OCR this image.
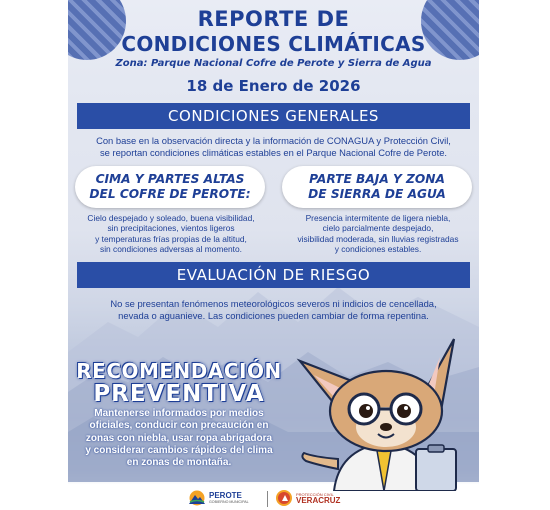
REPORTE DE
CONDICIONES CLIMÁTICAS
Zona: Parque Nacional Cofre de Perote y Sierra de Agua
18 de Enero de 2026
CONDICIONES GENERALES
Con base en la observación directa y la información de CONAGUA y Protección Civil,
se reportan condiciones climáticas estables en el Parque Nacional Cofre de Perote.
CIMA Y PARTES ALTAS
DEL COFRE DE PEROTE:
PARTE BAJA Y ZONA
DE SIERRA DE AGUA
Cielo despejado y soleado, buena visibilidad,
sin precipitaciones, vientos ligeros
y temperaturas frías propias de la altitud,
sin condiciones adversas al momento.
Presencia intermitente de ligera niebla,
cielo parcialmente despejado,
visibilidad moderada, sin lluvias registradas
y condiciones estables.
EVALUACIÓN DE RIESGO
No se presentan fenómenos meteorológicos severos ni indicios de cencellada,
nevada o aguanieve. Las condiciones pueden cambiar de forma repentina.
RECOMENDACIÓN
PREVENTIVA
Mantenerse informados por medios
oficiales, conducir con precaución en
zonas con niebla, usar ropa abrigadora
y considerar cambios rápidos del clima
en zonas de montaña.
PEROTE
GOBIERNO MUNICIPAL
PROTECCIÓN CIVIL
VERACRUZ
